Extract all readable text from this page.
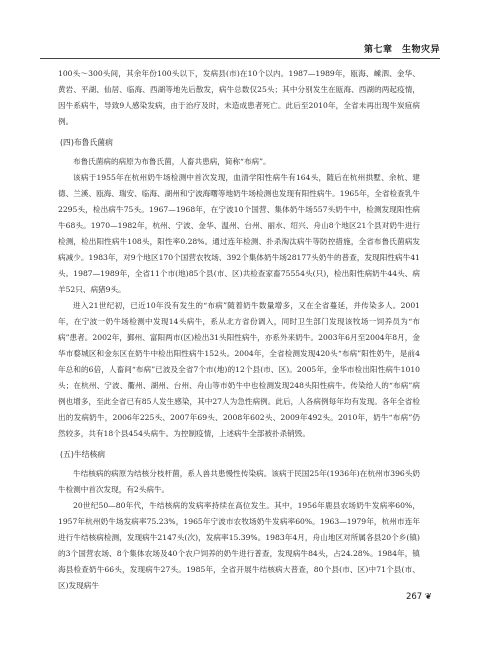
第七章　生物灾异

100头～300头间，其余年份100头以下，发病县(市)在10个以内。1987—1989年，瓯海、嵊泗、金华、黄岩、平湖、仙居、临海、西湖等地先后散发，病牛总数仅25头；其中分别发生在瓯海、西湖的两起疫情，因牛系病牛，导致9人感染发病，由于治疗及时，未造成患者死亡。此后至2010年，全省未再出现牛炭疽病例。

(四)布鲁氏菌病

布鲁氏菌病的病原为布鲁氏菌，人畜共患病，简称“布病”。

该病于1955年在杭州奶牛场检测中首次发现，血清学阳性病牛有164头，随后在杭州拱墅、余杭、建德、兰溪、瓯海、瑞安、临海、湖州和宁波海曙等地奶牛场检测也发现有阳性病牛。1965年，全省检查乳牛2295头，检出病牛75头。1967—1968年，在宁波10个国营、集体奶牛场557头奶牛中，检测发现阳性病牛68头。1970—1982年，杭州、宁波、金华、温州、台州、丽水、绍兴、舟山8个地区21个县对奶牛进行检测，检出阳性病牛108头，阳性率0.28%。通过连年检测、扑杀淘汰病牛等防控措施，全省布鲁氏菌病发病减少。1983年，对9个地区170个国营农牧场、392个集体奶牛场28177头奶牛的普查，发现阳性病牛41头。1987—1989年，全省11个市(地)85个县(市、区)共检查家畜75554头(只)，检出阳性病奶牛44头、病羊52只、病猪9头。

进入21世纪初，已近10年没有发生的“布病”随着奶牛数量增多，又在全省蔓延，并传染多人。2001年，在宁波一奶牛场检测中发现14头病牛，系从北方省份调入，同时卫生部门发现该牧场一饲养员为“布病”患者。2002年，鄞州、富阳两市(区)检出31头阳性病牛，亦系外来奶牛。2003年6月至2004年8月，金华市婺城区和金东区在奶牛中检出阳性病牛152头。2004年，全省检测发现420头“布病”阳性奶牛，是前4年总和的6倍，人畜间“布病”已波及全省7个市(地)的12个县(市、区)。2005年，金华市检出阳性病牛1010头；在杭州、宁波、衢州、湖州、台州、舟山等市奶牛中也检测发现248头阳性病牛。传染给人的“布病”病例也增多，至此全省已有85人发生感染，其中27人为急性病例。此后，人各病例每年均有发现。各年全省检出的发病奶牛，2006年225头、2007年69头、2008年602头、2009年492头。2010年，奶牛“布病”仍然较多，共有18个县454头病牛。为控制疫情，上述病牛全部被扑杀销毁。

(五)牛结核病

牛结核病的病原为结核分枝杆菌，系人兽共患慢性传染病。该病于民国25年(1936年)在杭州市396头奶牛检测中首次发现，有2头病牛。

20世纪50—80年代，牛结核病的发病率持续在高位发生。其中，1956年鹿县农场奶牛发病率60%，1957年杭州奶牛场发病率75.23%，1965年宁波市农牧场奶牛发病率60%。1963—1979年，杭州市连年进行牛结核病检测，发现病牛2147头(次)，发病率15.39%。1983年4月，舟山地区对所属各县20个乡(镇)的3个国营农场、8个集体农场及40个农户饲养的奶牛进行普查，发现病牛84头，占24.28%。1984年，镇海县检查奶牛66头，发现病牛27头。1985年，全省开展牛结核病大普查，80个县(市、区)中71个县(市、区)发现病牛

267 ❦
